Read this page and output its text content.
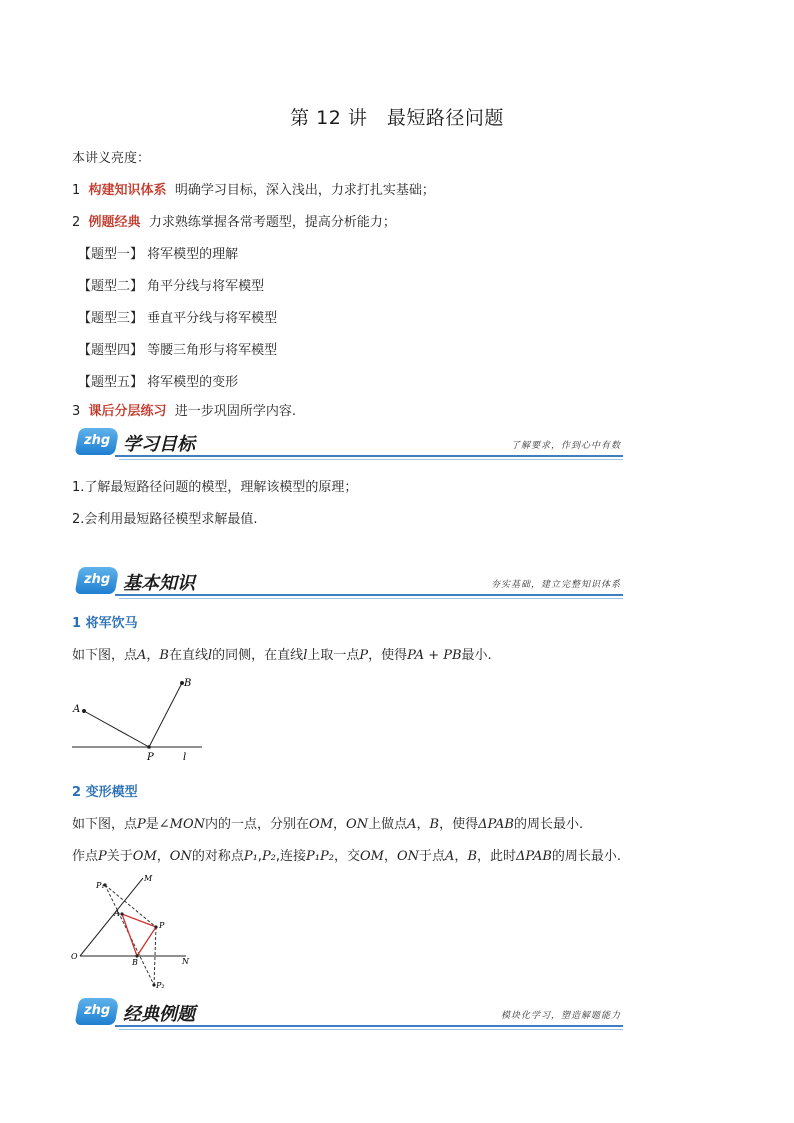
第 12 讲　最短路径问题
本讲义亮度：
1 构建知识体系 明确学习目标，深入浅出，力求打扎实基础；
2 例题经典 力求熟练掌握各常考题型，提高分析能力；
【题型一】 将军模型的理解
【题型二】 角平分线与将军模型
【题型三】 垂直平分线与将军模型
【题型四】 等腰三角形与将军模型
【题型五】 将军模型的变形
3 课后分层练习 进一步巩固所学内容.
zhg 学习目标	了解要求，作到心中有数
1.了解最短路径问题的模型，理解该模型的原理；
2.会利用最短路径模型求解最值.
zhg 基本知识	夯实基础，建立完整知识体系
1 将军饮马
如下图，点A，B在直线l的同侧，在直线l上取一点P，使得PA + PB最小.
A
B
P	l
2 变形模型
如下图，点P是∠MON内的一点，分别在OM，ON上做点A，B，使得ΔPAB的周长最小.
作点P关于OM，ON的对称点P₁,P₂,连接P₁P₂，交OM，ON于点A，B，此时ΔPAB的周长最小.
O
M
N
A
B
P
P₁
P₂
zhg 经典例题	模块化学习，塑造解题能力
